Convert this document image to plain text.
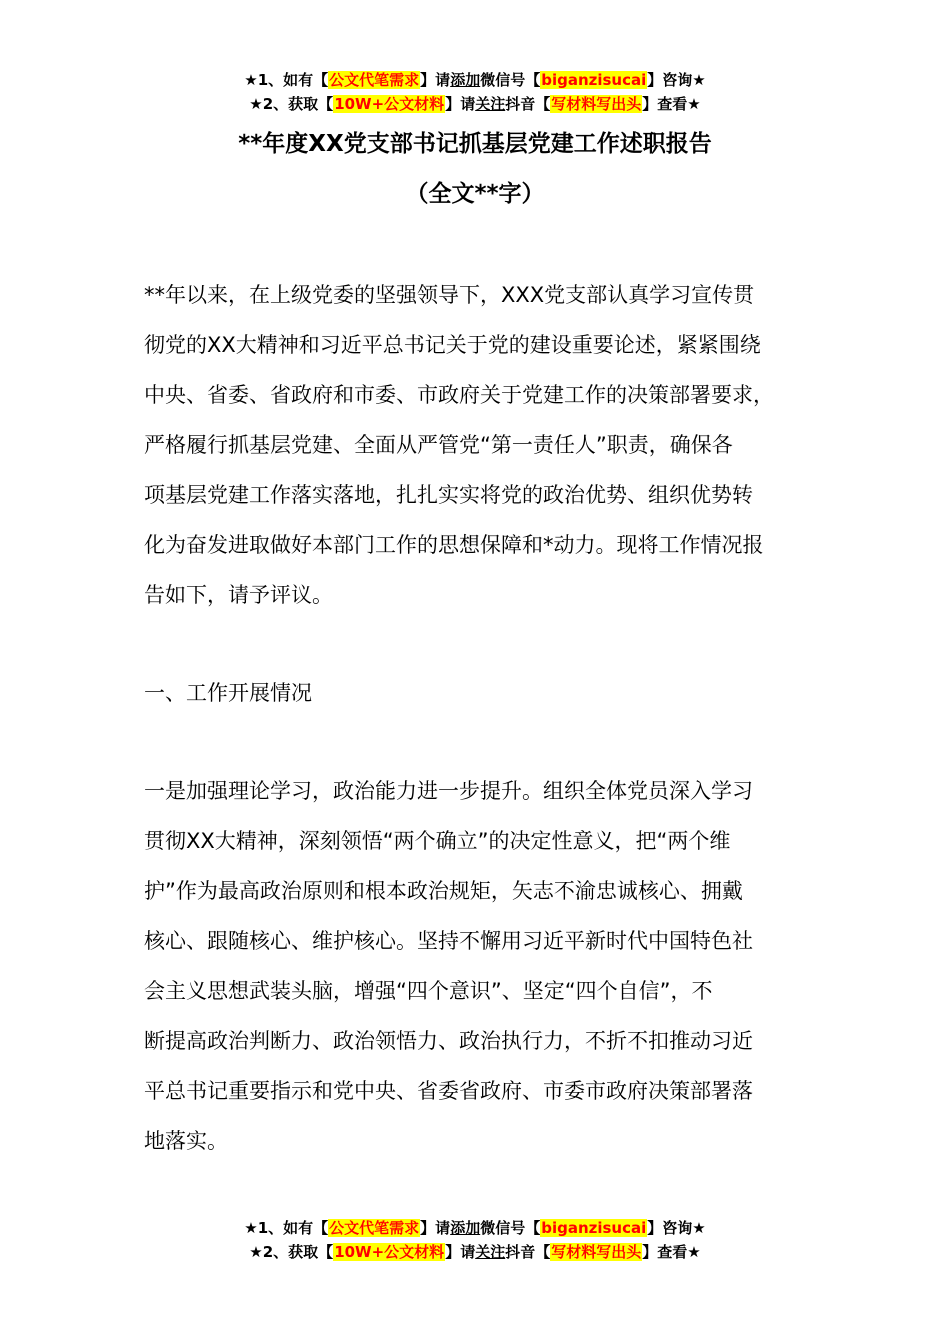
★1、如有【公文代笔需求】请添加微信号【biganzisucai】咨询★
★2、获取【10W+公文材料】请关注抖音【写材料写出头】查看★
**年度XX党支部书记抓基层党建工作述职报告
（全文**字）

**年以来，在上级党委的坚强领导下，XXX党支部认真学习宣传贯
彻党的XX大精神和习近平总书记关于党的建设重要论述，紧紧围绕
中央、省委、省政府和市委、市政府关于党建工作的决策部署要求，
严格履行抓基层党建、全面从严管党“第一责任人”职责，确保各
项基层党建工作落实落地，扎扎实实将党的政治优势、组织优势转
化为奋发进取做好本部门工作的思想保障和*动力。现将工作情况报
告如下，请予评议。

一、工作开展情况

一是加强理论学习，政治能力进一步提升。组织全体党员深入学习
贯彻XX大精神，深刻领悟“两个确立”的决定性意义，把“两个维
护”作为最高政治原则和根本政治规矩，矢志不渝忠诚核心、拥戴
核心、跟随核心、维护核心。坚持不懈用习近平新时代中国特色社
会主义思想武装头脑，增强“四个意识”、坚定“四个自信”，不
断提高政治判断力、政治领悟力、政治执行力，不折不扣推动习近
平总书记重要指示和党中央、省委省政府、市委市政府决策部署落
地落实。

★1、如有【公文代笔需求】请添加微信号【biganzisucai】咨询★
★2、获取【10W+公文材料】请关注抖音【写材料写出头】查看★
